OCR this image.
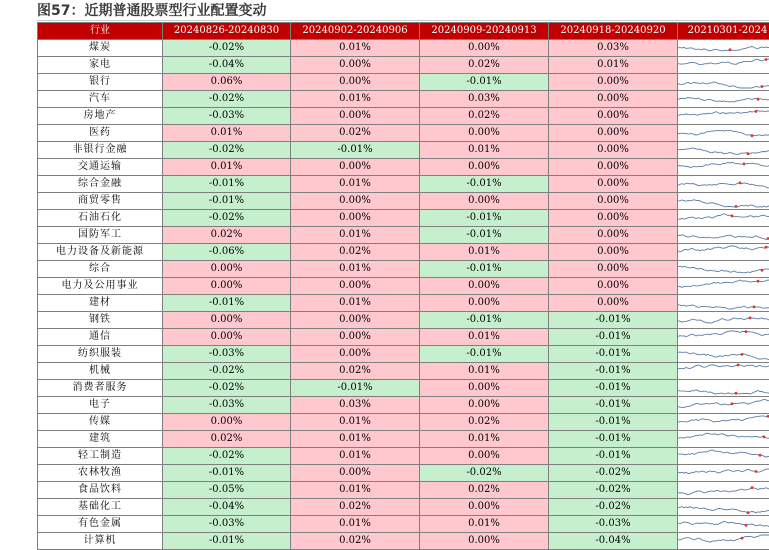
图57：近期普通股票型行业配置变动
行业	20240826-20240830	20240902-20240906	20240909-20240913	20240918-20240920	20210301-2024
煤炭	-0.02%	0.01%	0.00%	0.03%	

家电	-0.04%	0.00%	0.02%	0.01%	

银行	0.06%	0.00%	-0.01%	0.00%	

汽车	-0.02%	0.01%	0.03%	0.00%	

房地产	-0.03%	0.00%	0.02%	0.00%	

医药	0.01%	0.02%	0.00%	0.00%	

非银行金融	-0.02%	-0.01%	0.01%	0.00%	

交通运输	0.01%	0.00%	0.00%	0.00%	

综合金融	-0.01%	0.01%	-0.01%	0.00%	

商贸零售	-0.01%	0.00%	0.00%	0.00%	

石油石化	-0.02%	0.00%	-0.01%	0.00%	

国防军工	0.02%	0.01%	-0.01%	0.00%	

电力设备及新能源	-0.06%	0.02%	0.01%	0.00%	

综合	0.00%	0.01%	-0.01%	0.00%	

电力及公用事业	0.00%	0.00%	0.00%	0.00%	

建材	-0.01%	0.01%	0.00%	0.00%	

钢铁	0.00%	0.00%	-0.01%	-0.01%	

通信	0.00%	0.00%	0.01%	-0.01%	

纺织服装	-0.03%	0.00%	-0.01%	-0.01%	

机械	-0.02%	0.02%	0.01%	-0.01%	

消费者服务	-0.02%	-0.01%	0.00%	-0.01%	

电子	-0.03%	0.03%	0.00%	-0.01%	

传媒	0.00%	0.01%	0.02%	-0.01%	

建筑	0.02%	0.01%	0.01%	-0.01%	

轻工制造	-0.02%	0.01%	0.00%	-0.01%	

农林牧渔	-0.01%	0.00%	-0.02%	-0.02%	

食品饮料	-0.05%	0.01%	0.02%	-0.02%	

基础化工	-0.04%	0.02%	0.00%	-0.02%	

有色金属	-0.03%	0.01%	0.01%	-0.03%	

计算机	-0.01%	0.02%	0.00%	-0.04%	
